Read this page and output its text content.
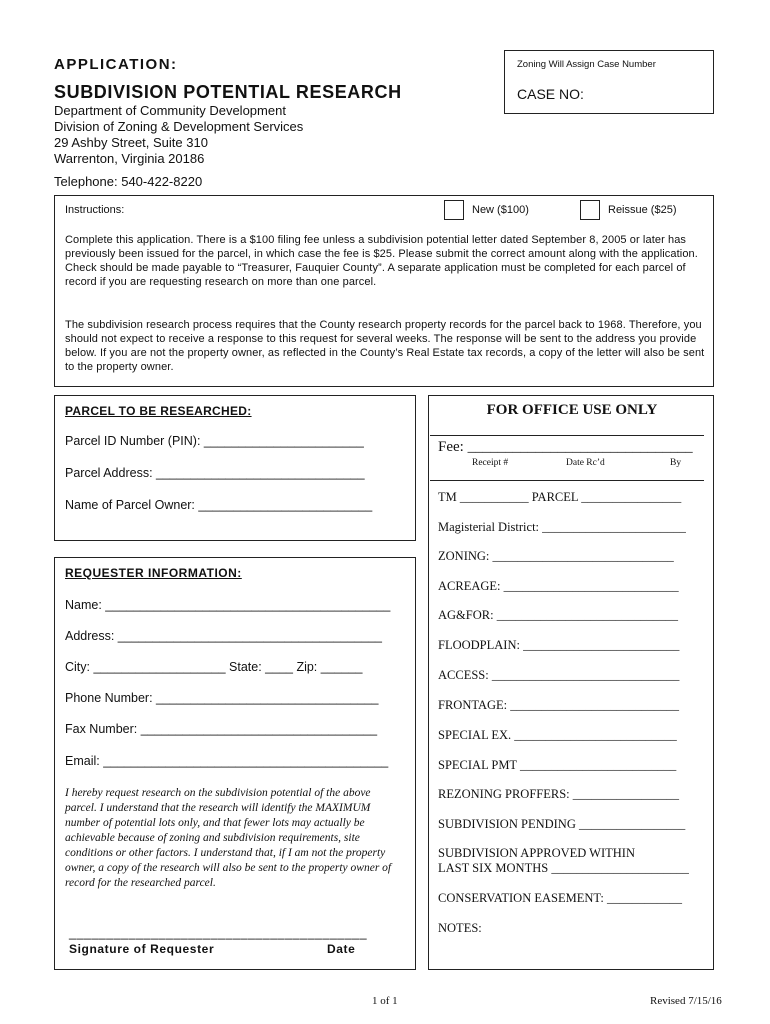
APPLICATION:
SUBDIVISION POTENTIAL RESEARCH
Department of Community Development
Division of Zoning & Development Services
29 Ashby Street, Suite 310
Warrenton, Virginia 20186
Telephone: 540-422-8220
Zoning Will Assign Case Number
CASE NO:
Instructions:	New ($100)	Reissue ($25)
Complete this application. There is a $100 filing fee unless a subdivision potential letter dated September 8, 2005 or later has previously been issued for the parcel, in which case the fee is $25. Please submit the correct amount along with the application. Check should be made payable to “Treasurer, Fauquier County”. A separate application must be completed for each parcel of record if you are requesting research on more than one parcel.
The subdivision research process requires that the County research property records for the parcel back to 1968. Therefore, you should not expect to receive a response to this request for several weeks. The response will be sent to the address you provide below. If you are not the property owner, as reflected in the County’s Real Estate tax records, a copy of the letter will also be sent to the property owner.
PARCEL TO BE RESEARCHED:
Parcel ID Number (PIN): _______________________
Parcel Address: ______________________________
Name of Parcel Owner: _________________________
REQUESTER INFORMATION:
Name: _________________________________________
Address: ______________________________________
City: ___________________ State: ____ Zip: ______
Phone Number: ________________________________
Fax Number: __________________________________
Email: _________________________________________
I hereby request research on the subdivision potential of the above parcel. I understand that the research will identify the MAXIMUM number of potential lots only, and that fewer lots may actually be achievable because of zoning and subdivision requirements, site conditions or other factors. I understand that, if I am not the property owner, a copy of the research will also be sent to the property owner of record for the researched parcel.
________________________________________
Signature of Requester	Date
FOR OFFICE USE ONLY
Fee: ______________________________
Receipt #	Date Rc’d	By
TM ___________ PARCEL ________________
Magisterial District: _______________________
ZONING: _____________________________
ACREAGE: ____________________________
AG&FOR: _____________________________
FLOODPLAIN: _________________________
ACCESS: ______________________________
FRONTAGE: ___________________________
SPECIAL EX. __________________________
SPECIAL PMT _________________________
REZONING PROFFERS: _________________
SUBDIVISION PENDING _________________
SUBDIVISION APPROVED WITHIN
LAST SIX MONTHS ______________________
CONSERVATION EASEMENT: ____________
NOTES:
1 of 1	Revised 7/15/16
